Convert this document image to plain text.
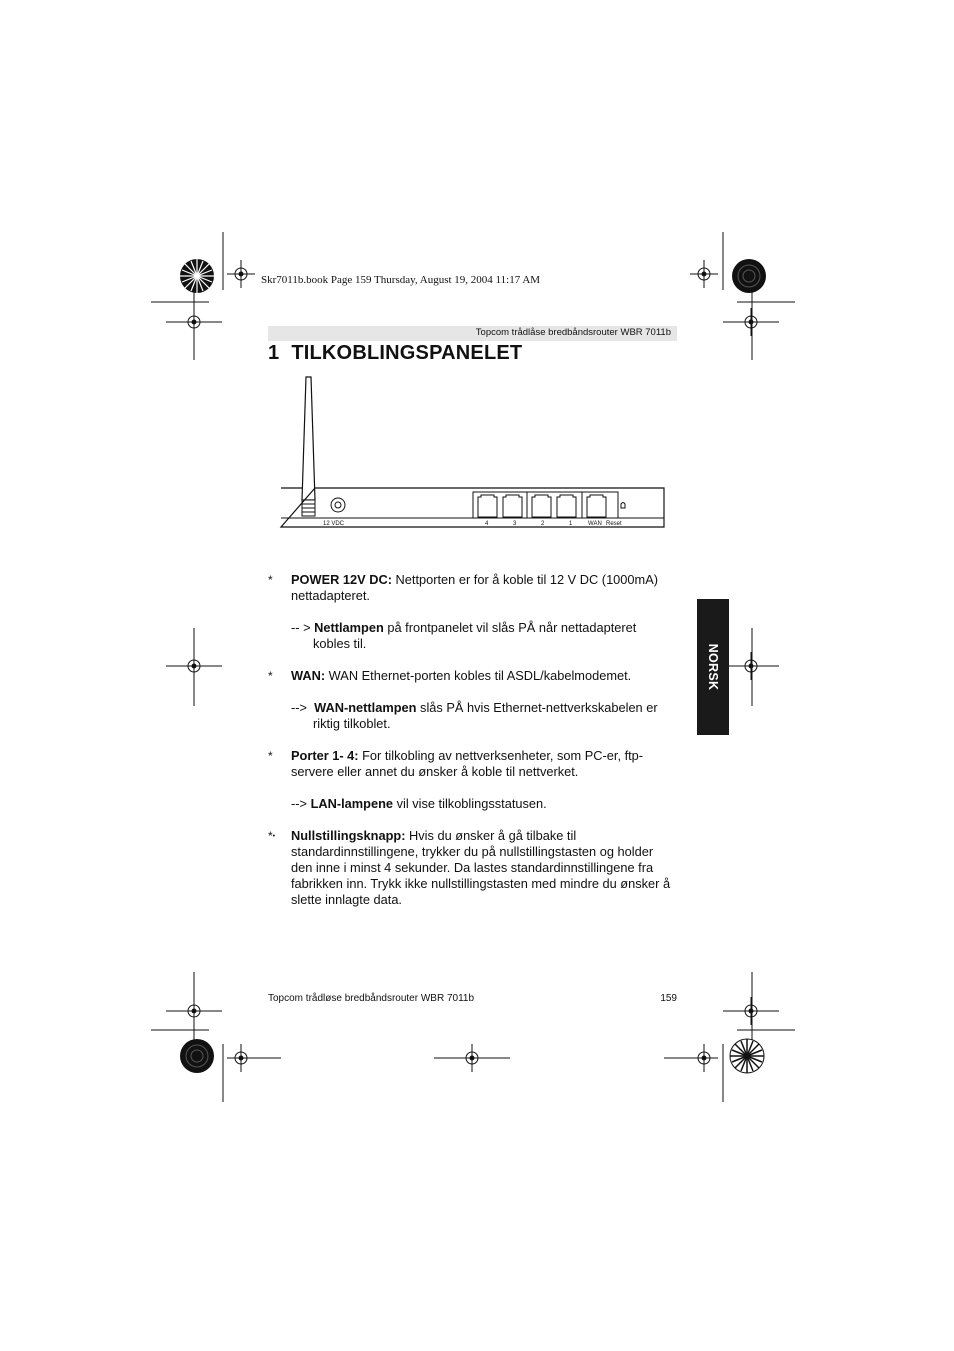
Skr7011b.book Page 159 Thursday, August 19, 2004 11:17 AM
Topcom trådlåse bredbåndsrouter WBR 7011b
1 TILKOBLINGSPANELET
12 VDC	4	3	2	1	WAN Reset
NORSK
* POWER 12V DC: Nettporten er for å koble til 12 V DC (1000mA) nettadapteret.
-- > Nettlampen på frontpanelet vil slås PÅ når nettadapteret
kobles til.
* WAN: WAN Ethernet-porten kobles til ASDL/kabelmodemet.
-->  WAN-nettlampen slås PÅ hvis Ethernet-nettverkskabelen er
riktig tilkoblet.
* Porter 1- 4: For tilkobling av nettverksenheter, som PC-er, ftp-servere eller annet du ønsker å koble til nettverket.
--> LAN-lampene vil vise tilkoblingsstatusen.
*• Nullstillingsknapp: Hvis du ønsker å gå tilbake til standardinnstillingene, trykker du på nullstillingstasten og holder den inne i minst 4 sekunder. Da lastes standardinnstillingene fra fabrikken inn. Trykk ikke nullstillingstasten med mindre du ønsker å slette innlagte data.
Topcom trådløse bredbåndsrouter WBR 7011b	159
